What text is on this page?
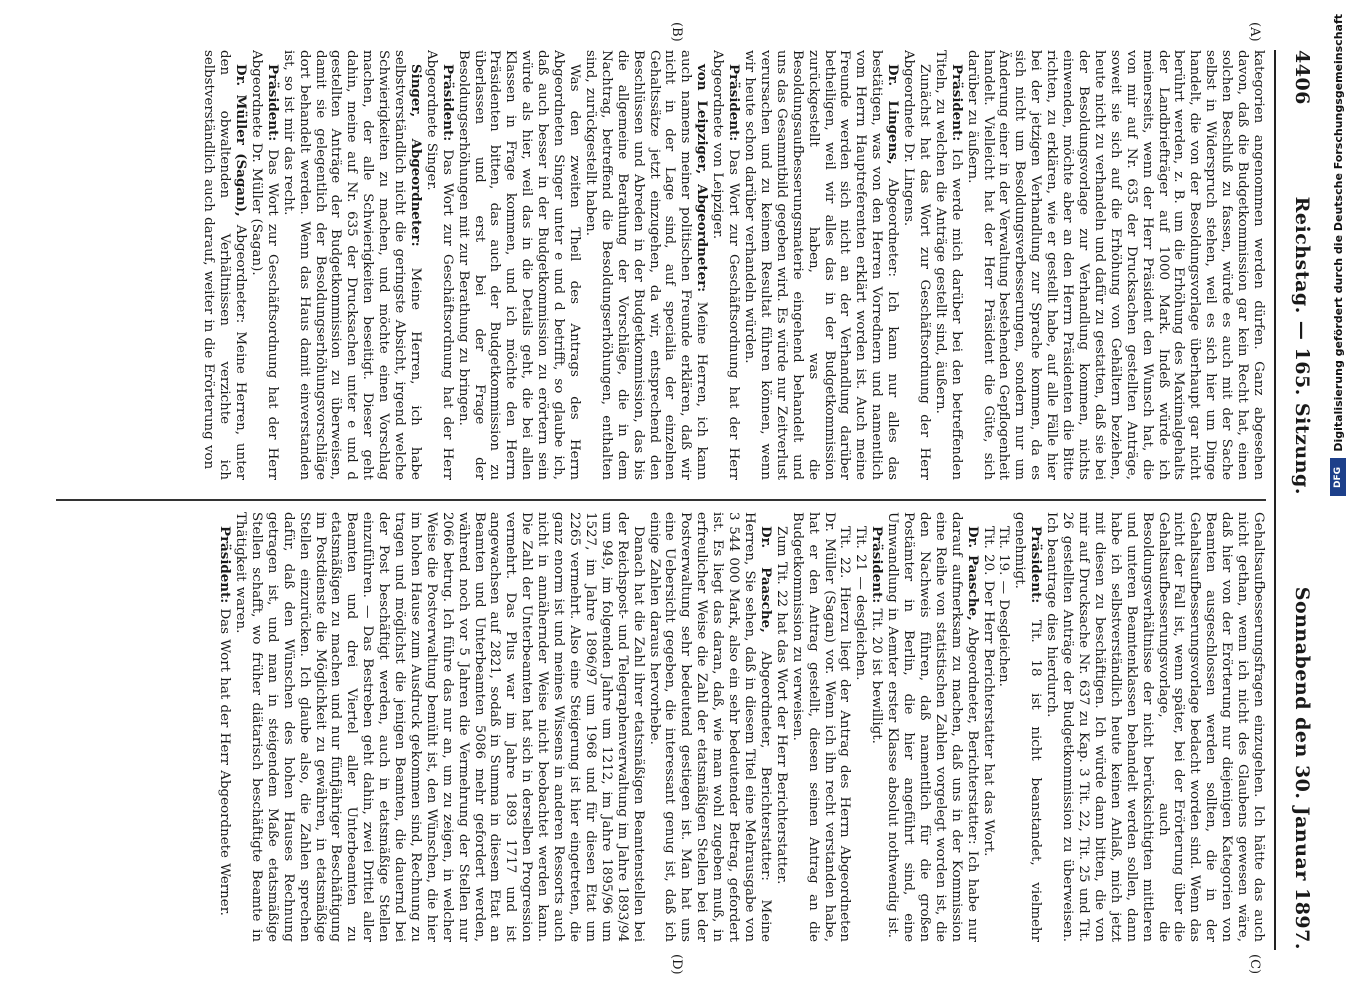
4406
Reichstag. — 165. Sitzung.
Sonnabend den 30. Januar 1897.

kategorien angenommen werden dürfen. Ganz abgesehen davon, daß die Budgetkommission gar kein Recht hat, einen solchen Beschluß zu fassen, würde es auch mit der Sache selbst in Widerspruch stehen, weil es sich hier um Dinge handelt, die von der Besoldungsvorlage überhaupt gar nicht berührt werden, z. B. um die Erhöhung des Maximalgehalts der Landbriefträger auf 1000 Mark. Indeß würde ich meinerseits, wenn der Herr Präsident den Wunsch hat, die von mir auf Nr. 635 der Drucksachen gestellten Anträge, soweit sie sich auf die Erhöhung von Gehältern beziehen, heute nicht zu verhandeln und dafür zu gestatten, daß sie bei der Besoldungsvorlage zur Verhandlung kommen, nichts einwenden, möchte aber an den Herrn Präsidenten die Bitte richten, zu erklären, wie er gestellt habe, auf alle Fälle hier bei der jetzigen Verhandlung zur Sprache kommen, da es sich nicht um Besoldungsverbesserungen, sondern nur um Änderung einer in der Verwaltung bestehenden Gepflogenheit handelt. Vielleicht hat der Herr Präsident die Güte, sich darüber zu äußern.

Präsident: Ich werde mich darüber bei den betreffenden Titeln, zu welchen die Anträge gestellt sind, äußern.

Zunächst hat das Wort zur Geschäftsordnung der Herr Abgeordnete Dr. Lingens.

Dr. Lingens, Abgeordneter: Ich kann nur alles das bestätigen, was von den Herren Vorrednern und namentlich vom Herrn Hauptreferenten erklärt worden ist. Auch meine Freunde werden sich nicht an der Verhandlung darüber betheiligen, weil wir alles das in der Budgetkommission zurückgestellt haben, was die Besoldungsaufbesserungsmaterie eingehend behandelt und uns das Gesammtbild gegeben wird. Es würde nur Zeitverlust verursachen und zu keinem Resultat führen können, wenn wir heute schon darüber verhandeln würden.

Präsident: Das Wort zur Geschäftsordnung hat der Herr Abgeordnete von Leipziger.

von Leipziger, Abgeordneter: Meine Herren, ich kann auch namens meiner politischen Freunde erklären, daß wir nicht in der Lage sind, auf specialia der einzelnen Gehaltssätze jetzt einzugehen, da wir, entsprechend den Beschlüssen und Abreden in der Budgetkommission, das bis die allgemeine Berathung der Vorschläge, die in dem Nachtrag, betreffend die Besoldungserhöhungen, enthalten sind, zurückgestellt haben.

Was den zweiten Theil des Antrags des Herrn Abgeordneten Singer unter e und d betrifft, so glaube ich, daß auch besser in der Budgetkommission zu erörtern sein würde als hier, weil das in die Details geht, die bei allen Klassen in Frage kommen, und ich möchte den Herrn Präsidenten bitten, das auch der Budgetkommission zu überlassen und erst bei der Frage der Besoldungserhöhungen mit zur Berathung zu bringen.

Präsident: Das Wort zur Geschäftsordnung hat der Herr Abgeordnete Singer.

Singer, Abgeordneter: Meine Herren, ich habe selbstverständlich nicht die geringste Absicht, irgend welche Schwierigkeiten zu machen, und möchte einen Vorschlag machen, der alle Schwierigkeiten beseitigt. Dieser geht dahin, meine auf Nr. 635 der Drucksachen unter e und d gestellten Anträge der Budgetkommission zu überweisen, damit sie gelegentlich der Besoldungserhöhungsvorschläge dort behandelt werden. Wenn das Haus damit einverstanden ist, so ist mir das recht.

Präsident: Das Wort zur Geschäftsordnung hat der Herr Abgeordnete Dr. Müller (Sagan).

Dr. Müller (Sagan), Abgeordneter: Meine Herren, unter den obwaltenden Verhältnissen verzichte ich selbstverständlich auch darauf, weiter in die Erörterung von

Gehaltsaufbesserungsfragen einzugehen. Ich hätte das auch nicht gethan, wenn ich nicht des Glaubens gewesen wäre, daß hier von der Erörterung nur diejenigen Kategorien von Beamten ausgeschlossen werden sollten, die in der Gehaltsaufbesserungsvorlage bedacht worden sind. Wenn das nicht der Fall ist, wenn später, bei der Erörterung über die Gehaltsaufbesserungsvorlage, auch die Besoldungsverhältnisse der nicht berücksichtigten mittleren und unteren Beamtenklassen behandelt werden sollen, dann habe ich selbstverständlich heute keinen Anlaß, mich jetzt mit diesen zu beschäftigen. Ich würde dann bitten, die von mir auf Drucksache Nr. 637 zu Kap. 3 Tit. 22, Tit. 25 und Tit. 26 gestellten Anträge der Budgetkommission zu überweisen. Ich beantrage dies hierdurch.

Präsident: Tit. 18 ist nicht beanstandet, vielmehr genehmigt.

Tit. 19. — Desgleichen.

Tit. 20. Der Herr Berichterstatter hat das Wort.

Dr. Paasche, Abgeordneter, Berichterstatter: Ich habe nur darauf aufmerksam zu machen, daß uns in der Kommission eine Reihe von statistischen Zahlen vorgelegt worden ist, die den Nachweis führen, daß namentlich für die großen Postämter in Berlin, die hier angeführt sind, eine Umwandlung in Aemter erster Klasse absolut nothwendig ist.

Präsident: Tit. 20 ist bewilligt.

Tit. 21 — desgleichen.

Tit. 22. Hierzu liegt der Antrag des Herrn Abgeordneten Dr. Müller (Sagan) vor. Wenn ich ihn recht verstanden habe, hat er den Antrag gestellt, diesen seinen Antrag an die Budgetkommission zu verweisen.

Zum Tit. 22 hat das Wort der Herr Berichterstatter.

Dr. Paasche, Abgeordneter, Berichterstatter: Meine Herren, Sie sehen, daß in diesem Titel eine Mehrausgabe von 3 544 000 Mark, also ein sehr bedeutender Betrag, gefordert ist. Es liegt das daran, daß, wie man wohl zugeben muß, in erfreulicher Weise die Zahl der etatsmäßigen Stellen bei der Postverwaltung sehr bedeutend gestiegen ist. Man hat uns eine Uebersicht gegeben, die interessant genug ist, daß ich einige Zahlen daraus hervorhebe.

Danach hat die Zahl ihrer etatsmäßigen Beamtenstellen bei der Reichspost- und Telegraphenverwaltung im Jahre 1893/94 um 949, im folgenden Jahre um 1212, im Jahre 1895/96 um 1527, im Jahre 1896/97 um 1968 und für diesen Etat um 2265 vermehrt. Also eine Steigerung ist hier eingetreten, die ganz enorm ist und meines Wissens in anderen Ressorts auch nicht in annähernder Weise nicht beobachtet werden kann. Die Zahl der Unterbeamten hat sich in derselben Progression vermehrt. Das Plus war im Jahre 1893 1717 und ist angewachsen auf 2821, sodaß in Summa in diesem Etat an Beamten und Unterbeamten 5086 mehr gefordert werden, während noch vor 5 Jahren die Vermehrung der Stellen nur 2066 betrug. Ich führe das nur an, um zu zeigen, in welcher Weise die Postverwaltung bemüht ist, den Wünschen, die hier im hohen Hause zum Ausdruck gekommen sind, Rechnung zu tragen und möglichst die jenigen Beamten, die dauernd bei der Post beschäftigt werden, auch in etatsmäßige Stellen einzuführen. — Das Bestreben geht dahin, zwei Drittel aller Beamten und drei Viertel aller Unterbeamten zu etatsmäßigen zu machen und nur fünfjähriger Beschäftigung im Postdienste die Möglichkeit zu gewähren, in etatsmäßige Stellen einzurücken. Ich glaube also, die Zahlen sprechen dafür, daß den Wünschen des hohen Hauses Rechnung getragen ist, und man in steigendem Maße etatsmäßige Stellen schafft, wo früher diätarisch beschäftigte Beamte in Thätigkeit waren.

Präsident: Das Wort hat der Herr Abgeordnete Werner.

(A)
(B)
(C)
(D)
Digitalisierung gefördert durch die Deutsche Forschungsgemeinschaft
DFG
